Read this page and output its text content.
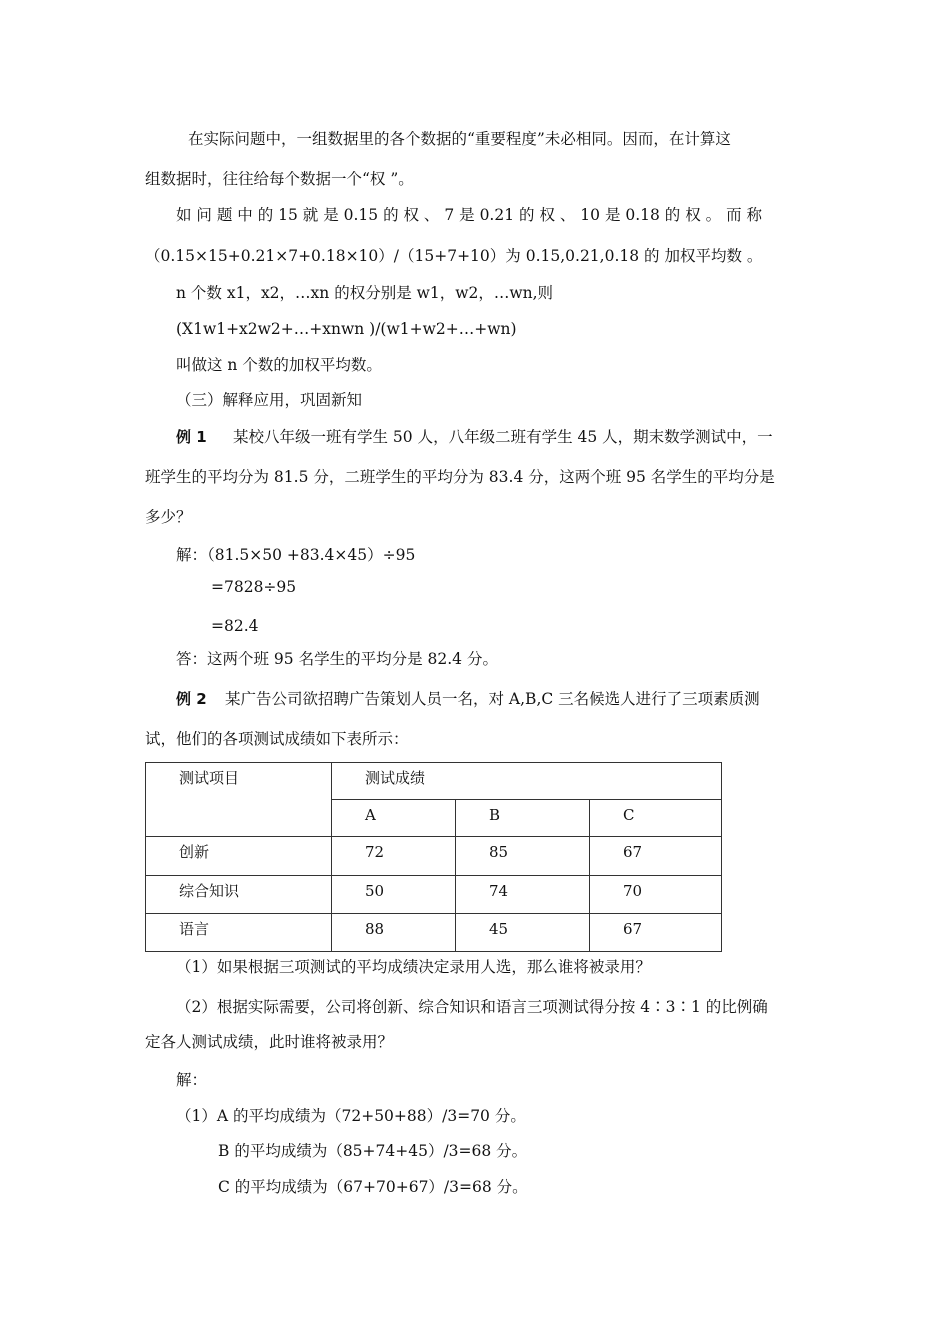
在实际问题中，一组数据里的各个数据的“重要程度”未必相同。因而，在计算这
组数据时，往往给每个数据一个“权 ”。
如 问 题 中 的 15 就 是 0.15 的 权 、 7 是 0.21 的 权 、 10 是 0.18 的 权 。 而 称
（0.15×15+0.21×7+0.18×10）/（15+7+10）为 0.15,0.21,0.18 的 加权平均数 。
n 个数 x1，x2，…xn 的权分别是 w1，w2，…wn,则
(X1w1+x2w2+…+xnwn )/(w1+w2+…+wn)
叫做这 n 个数的加权平均数。
（三）解释应用，巩固新知
例 1 某校八年级一班有学生 50 人，八年级二班有学生 45 人，期末数学测试中，一
班学生的平均分为 81.5 分，二班学生的平均分为 83.4 分，这两个班 95 名学生的平均分是
多少？
解：（81.5×50 +83.4×45）÷95
=7828÷95
=82.4
答：这两个班 95 名学生的平均分是 82.4 分。
例 2 某广告公司欲招聘广告策划人员一名，对 A,B,C 三名候选人进行了三项素质测
试，他们的各项测试成绩如下表所示：
测试项目	测试成绩		
	A	B	C
创新	72	85	67
综合知识	50	74	70
语言	88	45	67
（1）如果根据三项测试的平均成绩决定录用人选，那么谁将被录用？
（2）根据实际需要，公司将创新、综合知识和语言三项测试得分按 4∶3∶1 的比例确
定各人测试成绩，此时谁将被录用？
解：
（1）A 的平均成绩为（72+50+88）/3=70 分。
B 的平均成绩为（85+74+45）/3=68 分。
C 的平均成绩为（67+70+67）/3=68 分。
